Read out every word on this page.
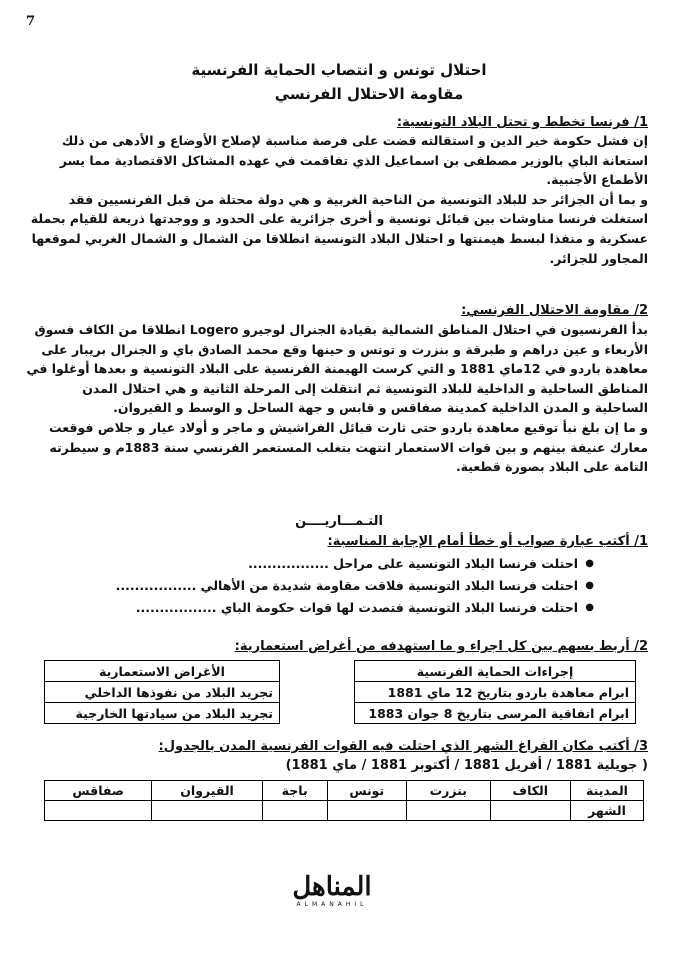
7
احتلال تونس و انتصاب الحماية الفرنسية
مقاومة الاحتلال الفرنسي
1/ فرنسا تخطط و تحتل البلاد التونسية:

إن فشل حكومة خير الدين و استقالته قضت على فرصة مناسبة لإصلاح الأوضاع و الأدهى من ذلك استعانة الباي بالوزير مصطفى بن اسماعيل الذي تفاقمت في عهده المشاكل الاقتصادية مما يسر الأطماع الأجنبية.

و بما أن الجزائر حد للبلاد التونسية من الناحية الغربية و هي دولة محتلة من قبل الفرنسيين فقد استغلت فرنسا مناوشات بين قبائل تونسية و أخرى جزائرية على الحدود و ووجدتها ذريعة للقيام بحملة عسكرية و منفذا لبسط هيمنتها و احتلال البلاد التونسية انطلاقا من الشمال و الشمال الغربي لموقعها المجاور للجزائر.

2/ مقاومة الاحتلال الفرنسي:

بدأ الفرنسيون في احتلال المناطق الشمالية بقيادة الجنرال لوجيرو Logero انطلاقا من الكاف فسوق الأربعاء و عين دراهم و طبرقة و بنزرت و تونس و حينها وقع محمد الصادق باي و الجنرال بريبار على معاهدة باردو في 12ماي 1881 و التي كرست الهيمنة الفرنسية على البلاد التونسية و بعدها أوغلوا في المناطق الساحلية و الداخلية للبلاد التونسية ثم انتقلت إلى المرحلة الثانية و هي احتلال المدن الساحلية و المدن الداخلية كمدينة صفاقس و قابس و جهة الساحل و الوسط و القيروان.

و ما إن بلغ نبأ توقيع معاهدة باردو حتى ثارت قبائل الفراشيش و ماجر و أولاد عيار و جلاص فوقعت معارك عنيفة بينهم و بين قوات الاستعمار انتهت بتغلب المستعمر الفرنسي سنة 1883م و سيطرته التامة على البلاد بصورة قطعية.

التـمـــاريــــن
1/ أكتب عبارة صواب أو خطأ أمام الإجابة المناسبة:
● احتلت فرنسا البلاد التونسية على مراحل .................
● احتلت فرنسا البلاد التونسية فلاقت مقاومة شديدة من الأهالي .................
● احتلت فرنسا البلاد التونسية فتصدت لها قوات حكومة الباي .................
2/ أربط بسهم بين كل اجراء و ما استهدفه من أغراض استعمارية:
إجراءات الحماية الفرنسية
ابرام معاهدة باردو بتاريخ 12 ماي 1881
ابرام اتفاقية المرسى بتاريخ 8 جوان 1883
الأغراض الاستعمارية
تجريد البلاد من نفوذها الداخلي
تجريد البلاد من سيادتها الخارجية
3/ أكتب مكان الفراغ الشهر الذي احتلت فيه القوات الفرنسية المدن بالجدول:
( جويلية 1881 / أفريل 1881 / أكتوبر 1881 / ماي 1881)
المدينة	الكاف	بنزرت	تونس	باجة	القيروان	صفاقس
الشهر						
المناهل
ALMANAHIL
